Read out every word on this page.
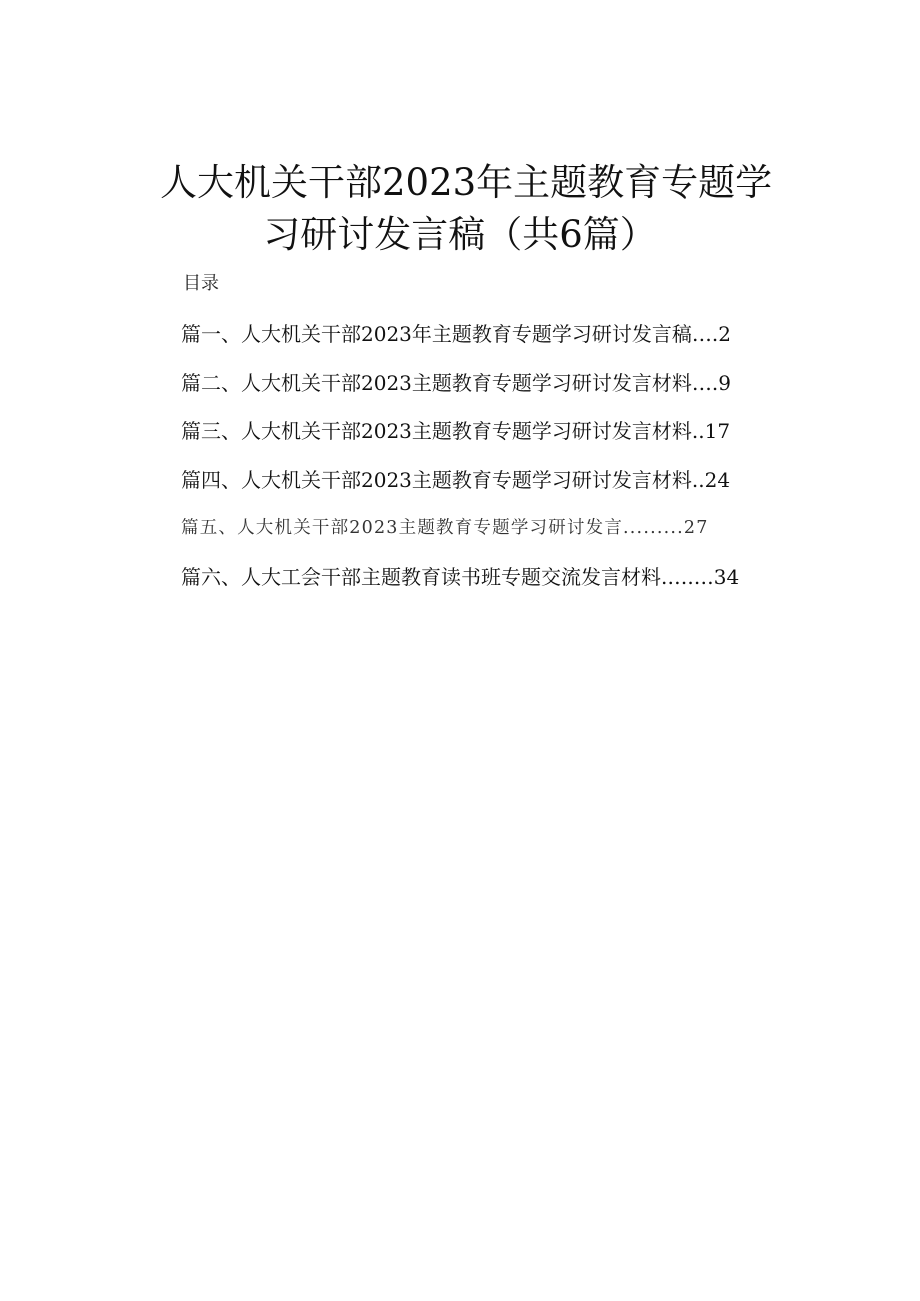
人大机关干部2023年主题教育专题学
习研讨发言稿（共6篇）
目录
篇一、人大机关干部2023年主题教育专题学习研讨发言稿….2
篇二、人大机关干部2023主题教育专题学习研讨发言材料….9
篇三、人大机关干部2023主题教育专题学习研讨发言材料..17
篇四、人大机关干部2023主题教育专题学习研讨发言材料..24
篇五、人大机关干部2023主题教育专题学习研讨发言.........27
篇六、人大工会干部主题教育读书班专题交流发言材料.….…34
